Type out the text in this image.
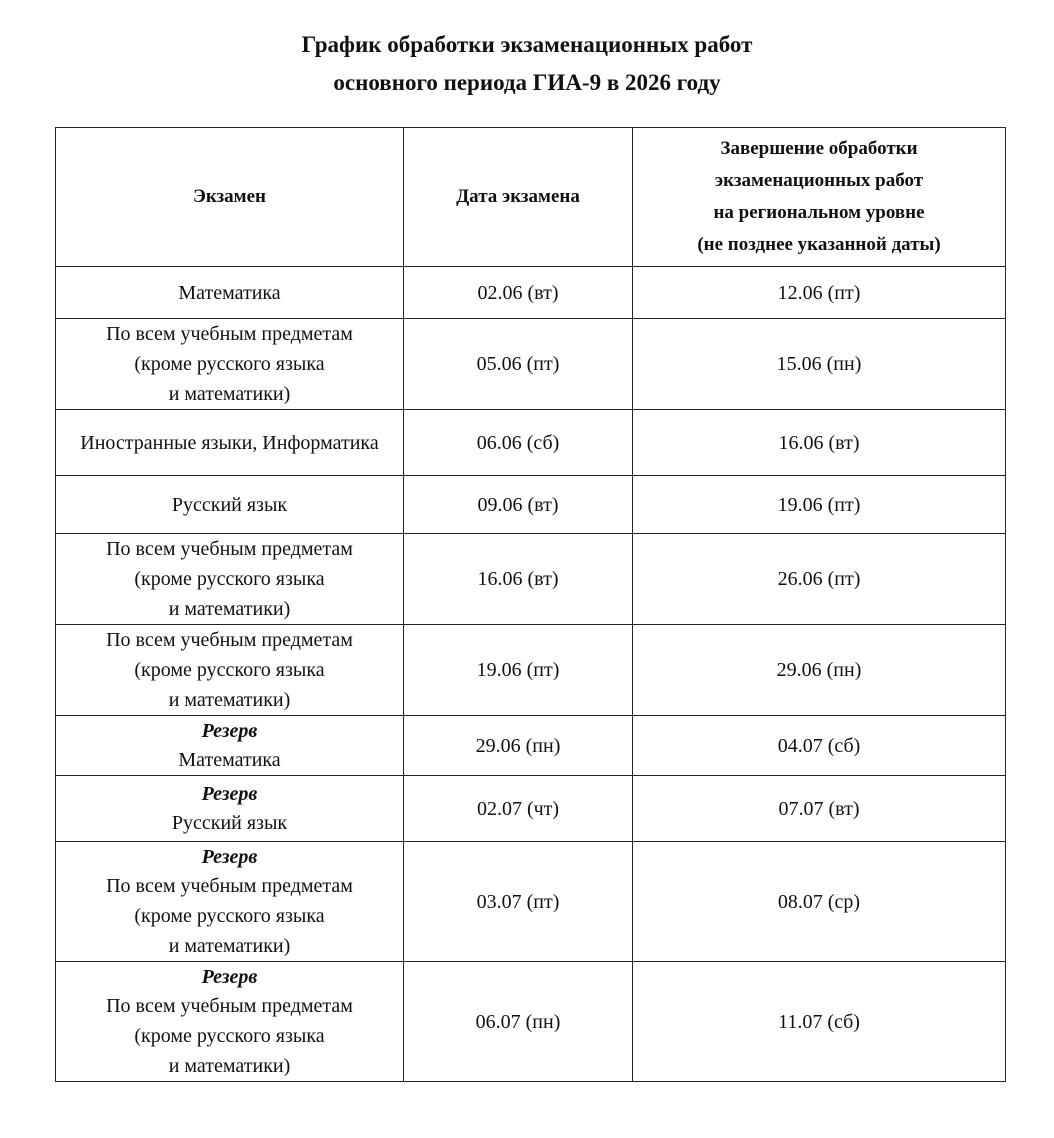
График обработки экзаменационных работ
основного периода ГИА-9 в 2026 году
Экзамен	Дата экзамена	Завершение обработки
экзаменационных работ
на региональном уровне
(не позднее указанной даты)

Математика	02.06 (вт)	12.06 (пт)

По всем учебным предметам
(кроме русского языка
и математики)	05.06 (пт)	15.06 (пн)

Иностранные языки, Информатика	06.06 (сб)	16.06 (вт)

Русский язык	09.06 (вт)	19.06 (пт)

По всем учебным предметам
(кроме русского языка
и математики)	16.06 (вт)	26.06 (пт)

По всем учебным предметам
(кроме русского языка
и математики)	19.06 (пт)	29.06 (пн)

Резерв
Математика	29.06 (пн)	04.07 (сб)

Резерв
Русский язык	02.07 (чт)	07.07 (вт)

Резерв
По всем учебным предметам
(кроме русского языка
и математики)	03.07 (пт)	08.07 (ср)

Резерв
По всем учебным предметам
(кроме русского языка
и математики)	06.07 (пн)	11.07 (сб)
